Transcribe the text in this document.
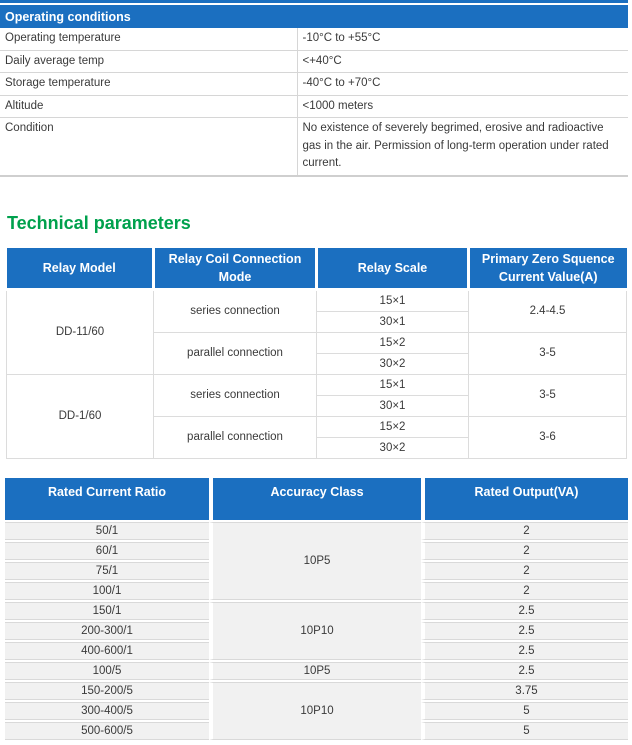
Operating conditions	
Operating temperature	-10°C to +55°C
Daily average temp	<+40°C
Storage temperature	-40°C to +70°C
Altitude	<1000 meters
Condition	No existence of severely begrimed, erosive and radioactive gas in the air. Permission of long-term operation under rated current.
Technical parameters
Relay Model	Relay Coil Connection Mode	Relay Scale	Primary Zero Squence Current Value(A)
DD-11/60	series connection	15×1	2.4-4.5
		30×1	
	parallel connection	15×2	3-5
		30×2	
DD-1/60	series connection	15×1	3-5
		30×1	
	parallel connection	15×2	3-6
		30×2	
Rated Current Ratio	Accuracy Class	Rated Output(VA)
50/1	10P5	2
60/1		2
75/1		2
100/1		2
150/1	10P10	2.5
200-300/1		2.5
400-600/1		2.5
100/5	10P5	2.5
150-200/5	10P10	3.75
300-400/5		5
500-600/5		5
